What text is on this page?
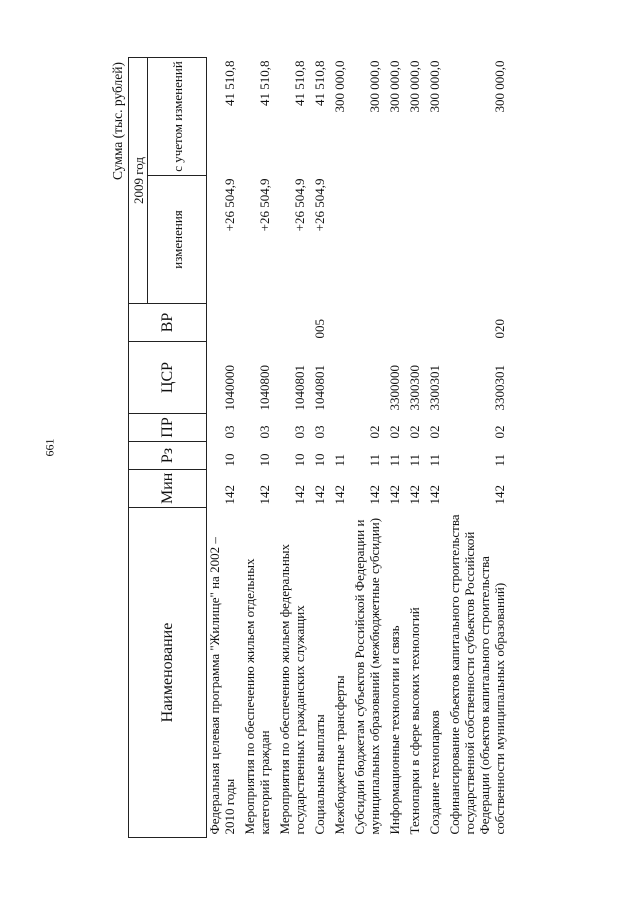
661
Сумма (тыс. рублей)
Наименование	Мин	Рз	ПР	ЦСР	ВР	2009 год	
						изменения	с учетом изменений
Федеральная целевая программа "Жилище" на 2002 – 2010 годы	142	10	03	1040000		+26 504,9	41 510,8

Мероприятия по обеспечению жильем отдельных категорий граждан	142	10	03	1040800		+26 504,9	41 510,8

Мероприятия по обеспечению жильем федеральных государственных гражданских служащих	142	10	03	1040801		+26 504,9	41 510,8

Социальные выплаты	142	10	03	1040801	005	+26 504,9	41 510,8

Межбюджетные трансферты	142	11					300 000,0

Субсидии бюджетам субъектов Российской Федерации и муниципальных образований (межбюджетные субсидии)	142	11	02				300 000,0

Информационные технологии и связь	142	11	02	3300000			300 000,0

Технопарки в сфере высоких технологий	142	11	02	3300300			300 000,0

Создание технопарков	142	11	02	3300301			300 000,0

Софинансирование объектов капитального строительства государственной собственности субъектов Российской Федерации (объектов капитального строительства собственности муниципальных образований)	142	11	02	3300301	020		300 000,0
